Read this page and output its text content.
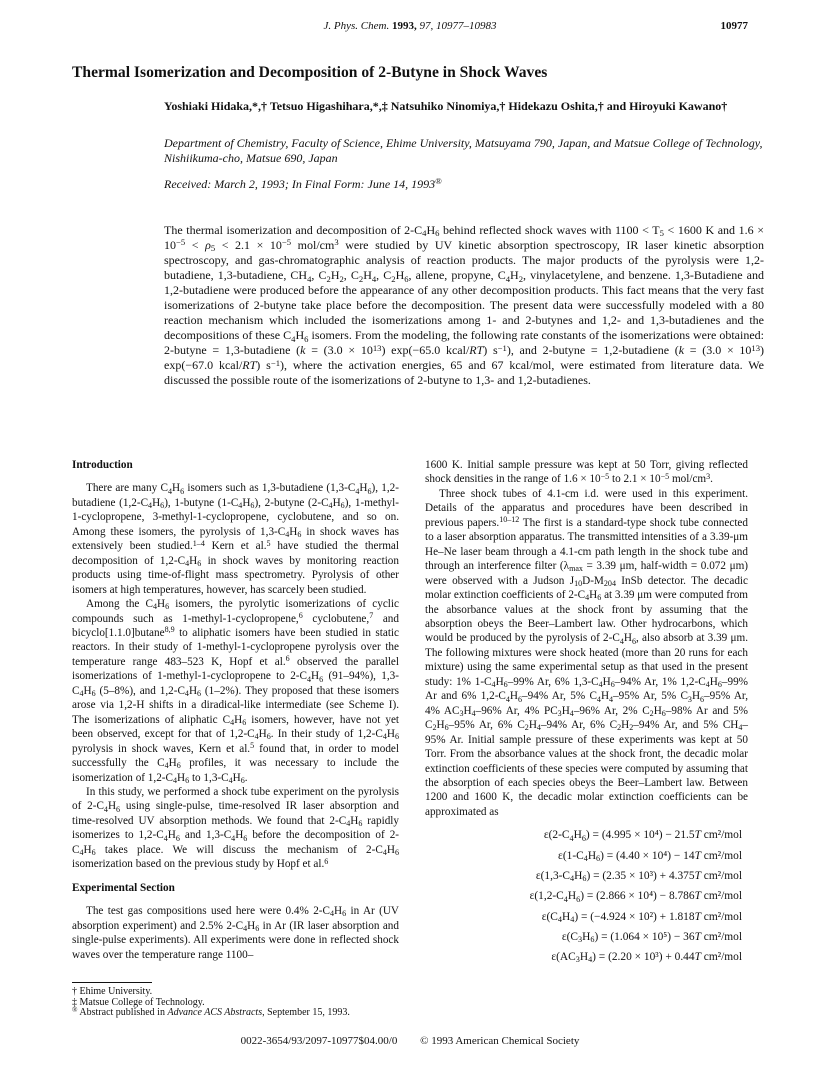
J. Phys. Chem. 1993, 97, 10977–10983	10977
Thermal Isomerization and Decomposition of 2-Butyne in Shock Waves
Yoshiaki Hidaka,*,† Tetsuo Higashihara,*,‡ Natsuhiko Ninomiya,† Hidekazu Oshita,† and Hiroyuki Kawano†
Department of Chemistry, Faculty of Science, Ehime University, Matsuyama 790, Japan, and Matsue College of Technology, Nishiikuma-cho, Matsue 690, Japan
Received: March 2, 1993; In Final Form: June 14, 1993®
The thermal isomerization and decomposition of $2-C_4H_6$ behind reflected shock waves with $1100 < T_5 < 1600$ K and $1.6 \times 10^{-5} < \rho_5 < 2.1 \times 10^{-5}$ mol/$cm^3$ were studied by UV kinetic absorption spectroscopy, IR laser kinetic absorption spectroscopy, and gas-chromatographic analysis of reaction products. The major products of the pyrolysis were 1,2-butadiene, 1,3-butadiene, $CH_4$, $C_2H_2$, $C_2H_4$, $C_2H_6$, allene, propyne, $C_4H_2$, vinylacetylene, and benzene. 1,3-Butadiene and 1,2-butadiene were produced before the appearance of any other decomposition products. This fact means that the very fast isomerizations of 2-butyne take place before the decomposition. The present data were successfully modeled with a 80 reaction mechanism which included the isomerizations among 1- and 2-butynes and 1,2- and 1,3-butadienes and the decompositions of these $C_4H_6$ isomers. From the modeling, the following rate constants of the isomerizations were obtained: 2-butyne = 1,3-butadiene ($k = (3.0 \times 10^{13})$ exp(−65.0 kcal/RT) $s^{-1}$), and 2-butyne = 1,2-butadiene ($k = (3.0 \times 10^{13})$ exp(−67.0 kcal/RT) $s^{-1}$), where the activation energies, 65 and 67 kcal/mol, were estimated from literature data. We discussed the possible route of the isomerizations of 2-butyne to 1,3- and 1,2-butadienes.
Introduction

There are many $C_4H_6$ isomers such as 1,3-butadiene $(1,3-C_4H_6)$, 1,2-butadiene $(1,2-C_4H_6)$, 1-butyne $(1-C_4H_6)$, 2-butyne $(2-C_4H_6)$, 1-methyl-1-cyclopropene, 3-methyl-1-cyclopropene, cyclobutene, and so on. Among these isomers, the pyrolysis of $1,3-C_4H_6$ in shock waves has extensively been studied.$^{1-4}$ Kern et al.$^5$ have studied the thermal decomposition of $1,2-C_4H_6$ in shock waves by monitoring reaction products using time-of-flight mass spectrometry. Pyrolysis of other isomers at high temperatures, however, has scarcely been studied.

Among the $C_4H_6$ isomers, the pyrolytic isomerizations of cyclic compounds such as 1-methyl-1-cyclopropene,$^6$ cyclobutene,$^7$ and bicyclo[1.1.0]butane$^{8,9}$ to aliphatic isomers have been studied in static reactors. In their study of 1-methyl-1-cyclopropene pyrolysis over the temperature range 483–523 K, Hopf et al.$^6$ observed the parallel isomerizations of 1-methyl-1-cyclopropene to $2-C_4H_6$ (91–94%), $1,3-C_4H_6$ (5–8%), and $1,2-C_4H_6$ (1–2%). They proposed that these isomers arose via 1,2-H shifts in a diradical-like intermediate (see Scheme I). The isomerizations of aliphatic $C_4H_6$ isomers, however, have not yet been observed, except for that of $1,2-C_4H_6$. In their study of $1,2-C_4H_6$ pyrolysis in shock waves, Kern et al.$^5$ found that, in order to model successfully the $C_4H_6$ profiles, it was necessary to include the isomerization of $1,2-C_4H_6$ to $1,3-C_4H_6$.

In this study, we performed a shock tube experiment on the pyrolysis of $2-C_4H_6$ using single-pulse, time-resolved IR laser absorption and time-resolved UV absorption methods. We found that $2-C_4H_6$ rapidly isomerizes to $1,2-C_4H_6$ and $1,3-C_4H_6$ before the decomposition of $2-C_4H_6$ takes place. We will discuss the mechanism of $2-C_4H_6$ isomerization based on the previous study by Hopf et al.$^6$

Experimental Section

The test gas compositions used here were 0.4% $2-C_4H_6$ in Ar (UV absorption experiment) and 2.5% $2-C_4H_6$ in Ar (IR laser absorption and single-pulse experiments). All experiments were done in reflected shock waves over the temperature range 1100–

1600 K. Initial sample pressure was kept at 50 Torr, giving reflected shock densities in the range of $1.6 \times 10^{-5}$ to $2.1 \times 10^{-5}$ mol/$cm^3$.

Three shock tubes of 4.1-cm i.d. were used in this experiment. Details of the apparatus and procedures have been described in previous papers.$^{10-12}$ The first is a standard-type shock tube connected to a laser absorption apparatus. The transmitted intensities of a 3.39-μm He–Ne laser beam through a 4.1-cm path length in the shock tube and through an interference filter ($\lambda_{max} = 3.39$ μm, half-width = 0.072 μm) were observed with a Judson $J_{10}D-M_{204}$ InSb detector. The decadic molar extinction coefficients of $2-C_4H_6$ at 3.39 μm were computed from the absorbance values at the shock front by assuming that the absorption obeys the Beer–Lambert law. Other hydrocarbons, which would be produced by the pyrolysis of $2-C_4H_6$, also absorb at 3.39 μm. The following mixtures were shock heated (more than 20 runs for each mixture) using the same experimental setup as that used in the present study: 1% $1-C_4H_6-99\%$ Ar, 6% $1,3-C_4H_6-94\%$ Ar, 1% $1,2-C_4H_6-99\%$ Ar and 6% $1,2-C_4H_6-94\%$ Ar, 5% $C_4H_4-95\%$ Ar, 5% $C_3H_6-95\%$ Ar, 4% $AC_3H_4-96\%$ Ar, 4% $PC_3H_4-96\%$ Ar, 2% $C_2H_6-98\%$ Ar and 5% $C_2H_6-95\%$ Ar, 6% $C_2H_4-94\%$ Ar, 6% $C_2H_2-94\%$ Ar, and 5% $CH_4-95\%$ Ar. Initial sample pressure of these experiments was kept at 50 Torr. From the absorbance values at the shock front, the decadic molar extinction coefficients of these species were computed by assuming that the absorption of each species obeys the Beer–Lambert law. Between 1200 and 1600 K, the decadic molar extinction coefficients can be approximated as

$\varepsilon(2-C_4H_6) = (4.995 \times 10^4) - 21.5T$ cm²/mol
$\varepsilon(1-C_4H_6) = (4.40 \times 10^4) - 14T$ cm²/mol
$\varepsilon(1,3-C_4H_6) = (2.35 \times 10^3) + 4.375T$ cm²/mol
$\varepsilon(1,2-C_4H_6) = (2.866 \times 10^4) - 8.786T$ cm²/mol
$\varepsilon(C_4H_4) = (-4.924 \times 10^2) + 1.818T$ cm²/mol
$\varepsilon(C_3H_6) = (1.064 \times 10^5) - 36T$ cm²/mol
$\varepsilon(AC_3H_4) = (2.20 \times 10^3) + 0.44T$ cm²/mol
† Ehime University.
‡ Matsue College of Technology.
® Abstract published in Advance ACS Abstracts, September 15, 1993.
0022-3654/93/2097-10977$04.00/0 © 1993 American Chemical Society
